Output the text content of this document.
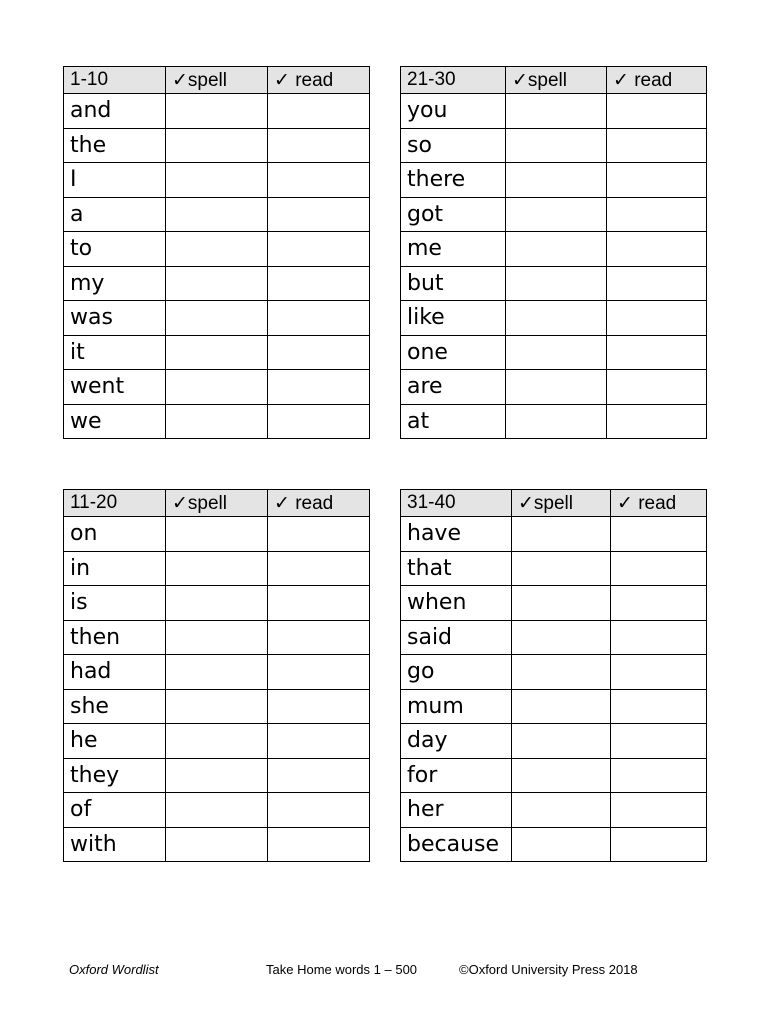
1-10	✓spell	✓ read
and		
the		
I		
a		
to		
my		
was		
it		
went		
we		
21-30	✓spell	✓ read
you		
so		
there		
got		
me		
but		
like		
one		
are		
at		
11-20	✓spell	✓ read
on		
in		
is		
then		
had		
she		
he		
they		
of		
with		
31-40	✓spell	✓ read
have		
that		
when		
said		
go		
mum		
day		
for		
her		
because		
Oxford Wordlist	Take Home words 1 – 500	©Oxford University Press 2018
